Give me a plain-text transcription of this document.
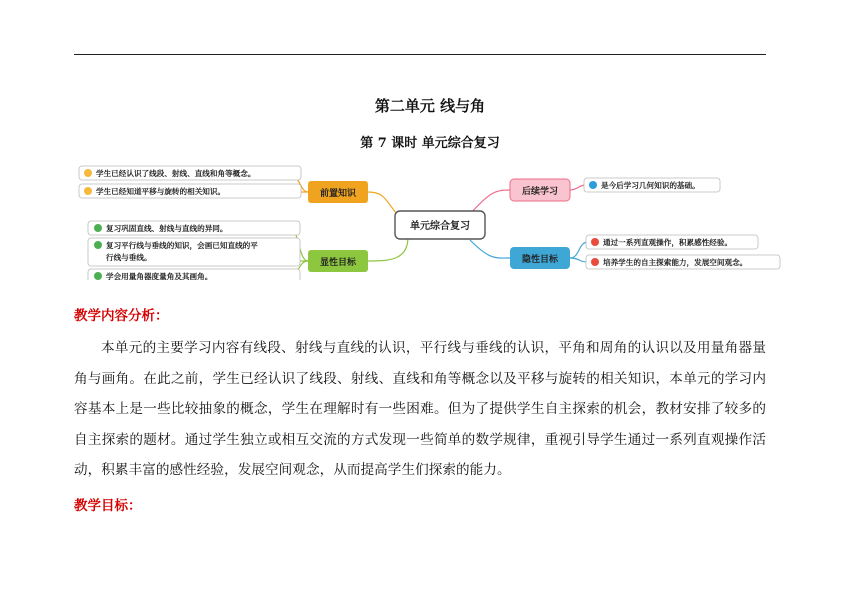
第二单元 线与角
第 7 课时 单元综合复习
学生已经认识了线段、射线、直线和角等概念。
学生已经知道平移与旋转的相关知识。
复习巩固直线、射线与直线的异同。
复习平行线与垂线的知识，会画已知直线的平
行线与垂线。
学会用量角器度量角及其画角。
是今后学习几何知识的基础。
通过一系列直观操作，积累感性经验。
培养学生的自主探索能力，发展空间观念。
前置知识
显性目标
后续学习
隐性目标
单元综合复习
教学内容分析：

本单元的主要学习内容有线段、射线与直线的认识，平行线与垂线的认识，平角和周角的认识以及用量角器量角与画角。在此之前，学生已经认识了线段、射线、直线和角等概念以及平移与旋转的相关知识，本单元的学习内容基本上是一些比较抽象的概念，学生在理解时有一些困难。但为了提供学生自主探索的机会，教材安排了较多的自主探索的题材。通过学生独立或相互交流的方式发现一些简单的数学规律，重视引导学生通过一系列直观操作活动，积累丰富的感性经验，发展空间观念，从而提高学生们探索的能力。

教学目标：
